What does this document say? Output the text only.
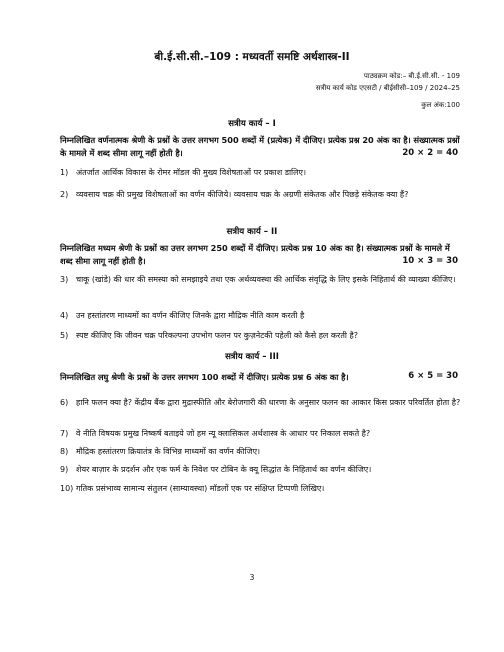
बी.ई.सी.सी.–109 : मध्यवर्ती समष्टि अर्थशास्त्र-II
पाठ्यक्रम कोड:– बी.ई.सी.सी. - 109
सत्रीय कार्य कोड एएसटी / बीईसीसी–109 / 2024–25
कुल अंक:100
सत्रीय कार्य – I
निम्नलिखित वर्णनात्मक श्रेणी के प्रश्नों के उत्तर लगभग 500 शब्दों में (प्रत्येक) में दीजिए। प्रत्येक प्रश्न 20 अंक का है। संख्यात्मक प्रश्नों के मामले में शब्द सीमा लागू नहीं होती है।	20 × 2 = 40
1) अंतर्जात आर्थिक विकास के रोमर मॉडल की मुख्य विशेषताओं पर प्रकाश डालिए।
2) व्यवसाय चक्र की प्रमुख विशेषताओं का वर्णन कीजिये। व्यवसाय चक्र के अग्रणी संकेतक और पिछड़े संकेतक क्या हैं?
सत्रीय कार्य – II
निम्नलिखित मध्यम श्रेणी के प्रश्नों का उत्तर लगभग 250 शब्दों में दीजिए। प्रत्येक प्रश्न 10 अंक का है। संख्यात्मक प्रश्नों के मामले में शब्द सीमा लागू नहीं होती है।	10 × 3 = 30
3) चाकू (खांडे) की धार की समस्या को समझाइये तथा एक अर्थव्यवस्था की आर्थिक संवृद्धि के लिए इसके निहितार्थ की व्याख्या कीजिए।
4) उन हस्तांतरण माध्यमों का वर्णन कीजिए जिनके द्वारा मौद्रिक नीति काम करती है
5) स्पष्ट कीजिए कि जीवन चक्र परिकल्पना उपभोग फलन पर कुज़नेटकी पहेली को कैसे हल करती है?
सत्रीय कार्य – III
निम्नलिखित लघु श्रेणी के प्रश्नों के उत्तर लगभग 100 शब्दों में दीजिए। प्रत्येक प्रश्न 6 अंक का है।	6 × 5 = 30
6) हानि फलन क्या है? केंद्रीय बैंक द्वारा मुद्रास्फीति और बेरोजगारी की धारणा के अनुसार फलन का आकार किस प्रकार परिवर्तित होता है?
7) वे नीति विषयक प्रमुख निष्कर्ष बताइये जो हम न्यू क्लासिकल अर्थशास्त्र के आधार पर निकाल सकते है?
8) मौद्रिक हस्तांतरण क्रियातंत्र के विभिन्न माध्यमों का वर्णन कीजिए।
9) शेयर बाज़ार के प्रदर्शन और एक फर्म के निवेश पर टोबिन के क्यू सिद्धांत के निहितार्थ का वर्णन कीजिए।
10) गतिक प्रसंभाव्य सामान्य संतुलन (साम्यावस्था) मॉडलों एक पर संक्षिप्त टिप्पणी लिखिए।
3
